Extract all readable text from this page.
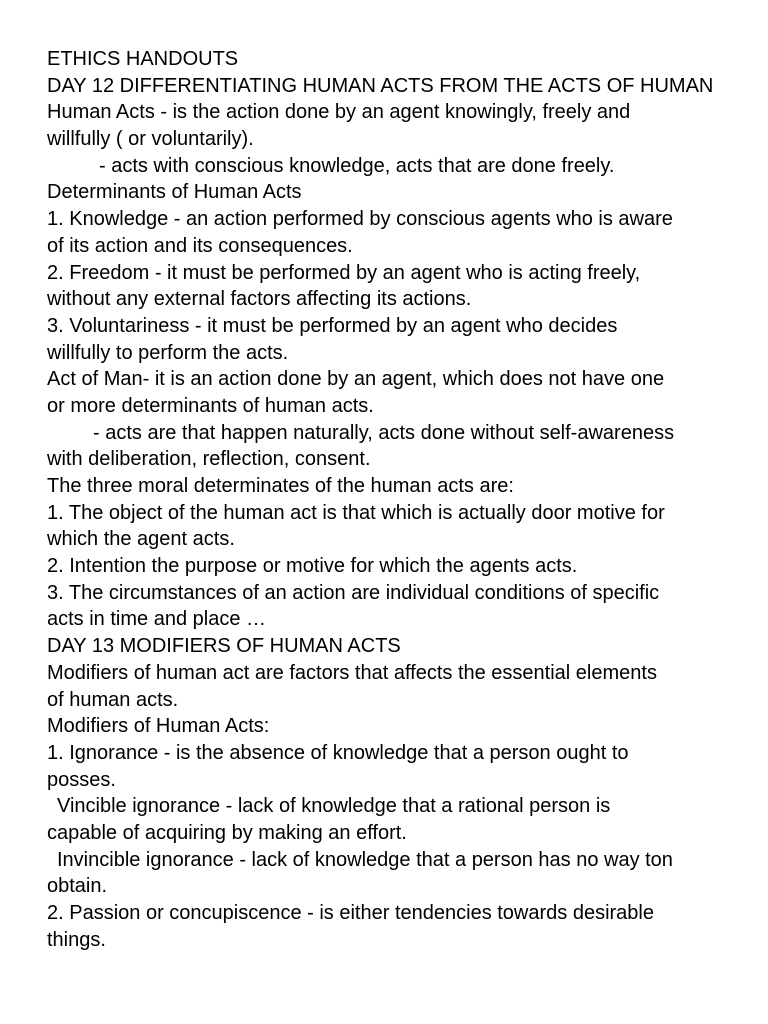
ETHICS HANDOUTS
DAY 12 DIFFERENTIATING HUMAN ACTS FROM THE ACTS OF HUMAN
Human Acts - is the action done by an agent knowingly, freely and
willfully ( or voluntarily).
- acts with conscious knowledge, acts that are done freely.
Determinants of Human Acts
1. Knowledge - an action performed by conscious agents who is aware
of its action and its consequences.
2. Freedom - it must be performed by an agent who is acting freely,
without any external factors affecting its actions.
3. Voluntariness - it must be performed by an agent who decides
willfully to perform the acts.
Act of Man- it is an action done by an agent, which does not have one
or more determinants of human acts.
- acts are that happen naturally, acts done without self-awareness
with deliberation, reflection, consent.
The three moral determinates of the human acts are:
1. The object of the human act is that which is actually door motive for
which the agent acts.
2. Intention the purpose or motive for which the agents acts.
3. The circumstances of an action are individual conditions of specific
acts in time and place …
DAY 13 MODIFIERS OF HUMAN ACTS
Modifiers of human act are factors that affects the essential elements
of human acts.
Modifiers of Human Acts:
1. Ignorance - is the absence of knowledge that a person ought to
posses.
Vincible ignorance - lack of knowledge that a rational person is
capable of acquiring by making an effort.
Invincible ignorance - lack of knowledge that a person has no way ton
obtain.
2. Passion or concupiscence - is either tendencies towards desirable
things.
